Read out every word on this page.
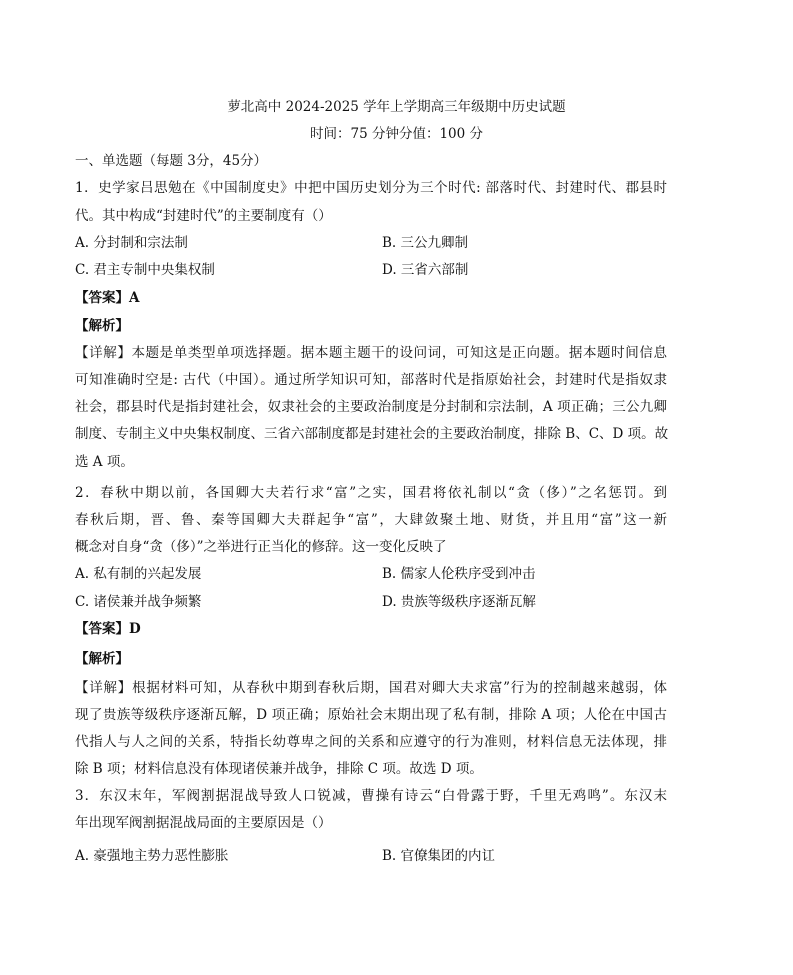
萝北高中 2024-2025 学年上学期高三年级期中历史试题
时间：75 分钟分值：100 分
一、单选题（每题 3分，45分）
1．史学家吕思勉在《中国制度史》中把中国历史划分为三个时代: 部落时代、封建时代、郡县时
代。其中构成“封建时代”的主要制度有（）
A. 分封制和宗法制	B. 三公九卿制
C. 君主专制中央集权制	D. 三省六部制
【答案】A
【解析】
【详解】本题是单类型单项选择题。据本题主题干的设问词，可知这是正向题。据本题时间信息
可知准确时空是: 古代（中国）。通过所学知识可知，部落时代是指原始社会，封建时代是指奴隶
社会，郡县时代是指封建社会，奴隶社会的主要政治制度是分封制和宗法制，A 项正确；三公九卿
制度、专制主义中央集权制度、三省六部制度都是封建社会的主要政治制度，排除 B、C、D 项。故
选 A 项。
2．春秋中期以前，各国卿大夫若行求“富”之实，国君将依礼制以“贪（侈）”之名惩罚。到
春秋后期，晋、鲁、秦等国卿大夫群起争“富”，大肆敛聚土地、财货，并且用“富”这一新
概念对自身“贪（侈）”之举进行正当化的修辞。这一变化反映了
A. 私有制的兴起发展	B. 儒家人伦秩序受到冲击
C. 诸侯兼并战争频繁	D. 贵族等级秩序逐渐瓦解
【答案】D
【解析】
【详解】根据材料可知，从春秋中期到春秋后期，国君对卿大夫求富”行为的控制越来越弱，体
现了贵族等级秩序逐渐瓦解，D 项正确；原始社会末期出现了私有制，排除 A 项；人伦在中国古
代指人与人之间的关系，特指长幼尊卑之间的关系和应遵守的行为准则，材料信息无法体现，排
除 B 项；材料信息没有体现诸侯兼并战争，排除 C 项。故选 D 项。
3．东汉末年，军阀割据混战导致人口锐减，曹操有诗云“白骨露于野，千里无鸡鸣”。东汉末
年出现军阀割据混战局面的主要原因是（）
A. 豪强地主势力恶性膨胀	B. 官僚集团的内讧
